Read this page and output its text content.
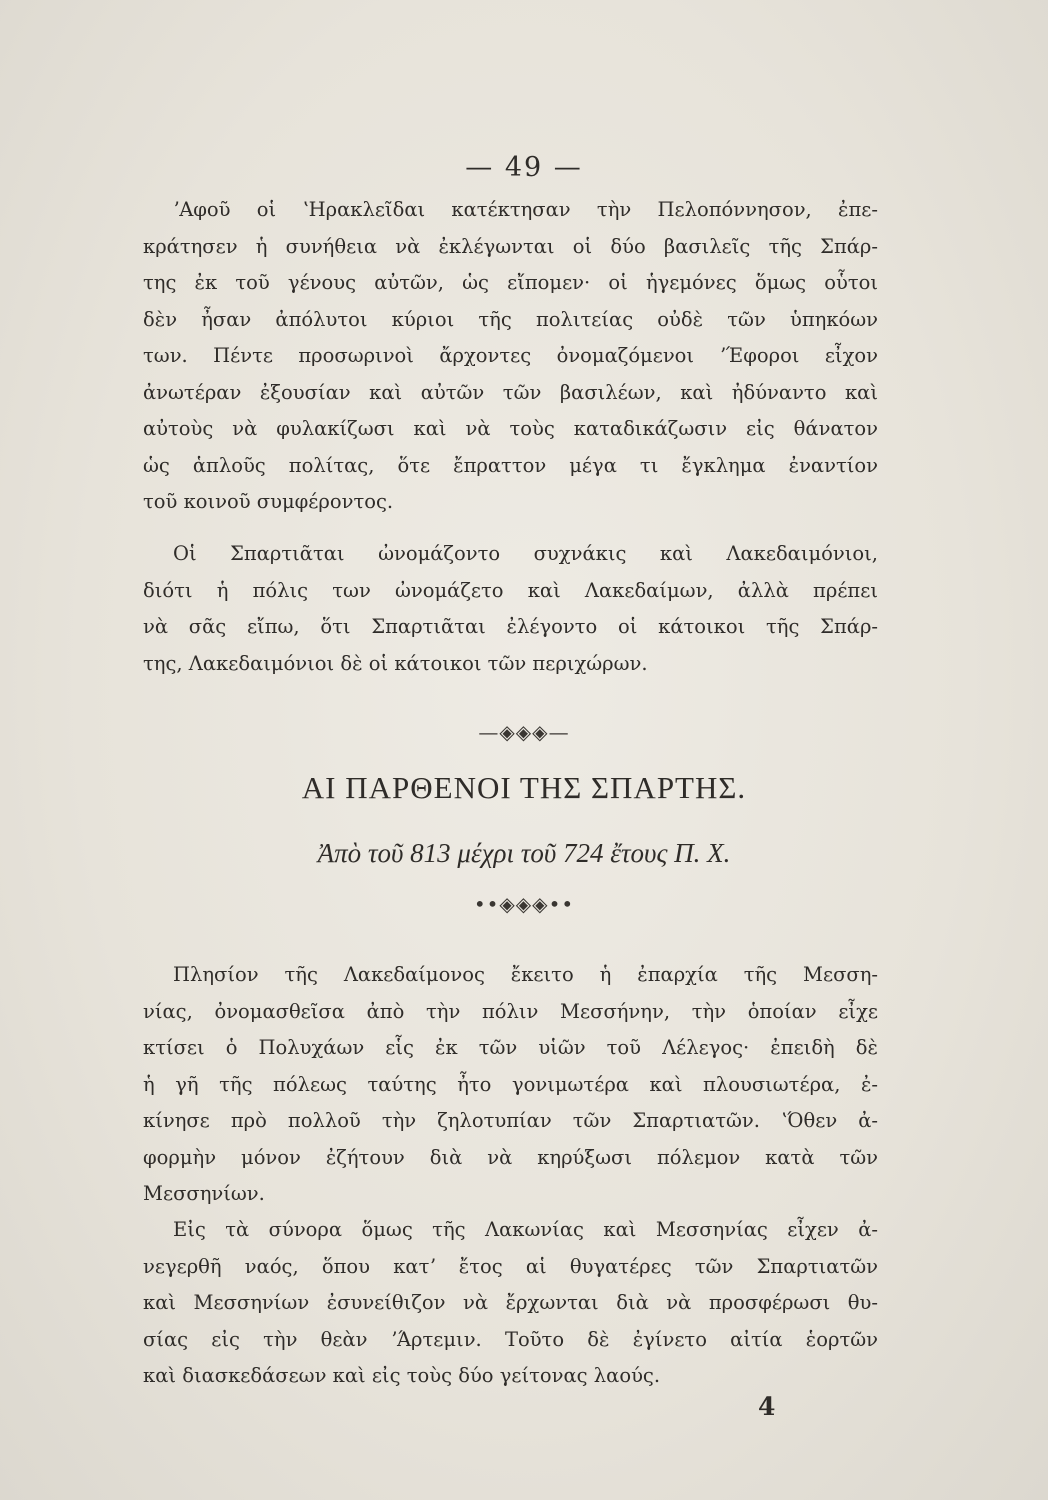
— 49 —
ʼΑφοῦ οἱ ʽΗρακλεῖδαι κατέκτησαν τὴν Πελοπόννησον, ἐπε-
κράτησεν ἡ συνήθεια νὰ ἐκλέγωνται οἱ δύο βασιλεῖς τῆς Σπάρ-
της ἐκ τοῦ γένους αὐτῶν, ὡς εἴπομεν· οἱ ἡγεμόνες ὅμως οὗτοι
δὲν ἦσαν ἀπόλυτοι κύριοι τῆς πολιτείας οὐδὲ τῶν ὑπηκόων
των. Πέντε προσωρινοὶ ἄρχοντες ὀνομαζόμενοι ʼΈφοροι εἶχον
ἀνωτέραν ἐξουσίαν καὶ αὐτῶν τῶν βασιλέων, καὶ ἠδύναντο καὶ
αὐτοὺς νὰ φυλακίζωσι καὶ νὰ τοὺς καταδικάζωσιν εἰς θάνατον
ὡς ἁπλοῦς πολίτας, ὅτε ἔπραττον μέγα τι ἔγκλημα ἐναντίον
τοῦ κοινοῦ συμφέροντος.
Οἱ Σπαρτιᾶται ὠνομάζοντο συχνάκις καὶ Λακεδαιμόνιοι,
διότι ἡ πόλις των ὠνομάζετο καὶ Λακεδαίμων, ἀλλὰ πρέπει
νὰ σᾶς εἴπω, ὅτι Σπαρτιᾶται ἐλέγοντο οἱ κάτοικοι τῆς Σπάρ-
της, Λακεδαιμόνιοι δὲ οἱ κάτοικοι τῶν περιχώρων.
—◈◈◈—
ΑΙ ΠΑΡΘΕΝΟΙ ΤΗΣ ΣΠΑΡΤΗΣ.
Ἀπὸ τοῦ 813 μέχρι τοῦ 724 ἔτους Π. Χ.
••◈◈◈••
Πλησίον τῆς Λακεδαίμονος ἔκειτο ἡ ἐπαρχία τῆς Μεσση-
νίας, ὀνομασθεῖσα ἀπὸ τὴν πόλιν Μεσσήνην, τὴν ὁποίαν εἶχε
κτίσει ὁ Πολυχάων εἷς ἐκ τῶν υἱῶν τοῦ Λέλεγος· ἐπειδὴ δὲ
ἡ γῆ τῆς πόλεως ταύτης ἦτο γονιμωτέρα καὶ πλουσιωτέρα, ἐ-
κίνησε πρὸ πολλοῦ τὴν ζηλοτυπίαν τῶν Σπαρτιατῶν. ʽΌθεν ἀ-
φορμὴν μόνον ἐζήτουν διὰ νὰ κηρύξωσι πόλεμον κατὰ τῶν
Μεσσηνίων.
Εἰς τὰ σύνορα ὅμως τῆς Λακωνίας καὶ Μεσσηνίας εἶχεν ἀ-
νεγερθῆ ναός, ὅπου κατʼ ἔτος αἱ θυγατέρες τῶν Σπαρτιατῶν
καὶ Μεσσηνίων ἐσυνείθιζον νὰ ἔρχωνται διὰ νὰ προσφέρωσι θυ-
σίας εἰς τὴν θεὰν ʼΆρτεμιν. Τοῦτο δὲ ἐγίνετο αἰτία ἑορτῶν
καὶ διασκεδάσεων καὶ εἰς τοὺς δύο γείτονας λαούς.
4
